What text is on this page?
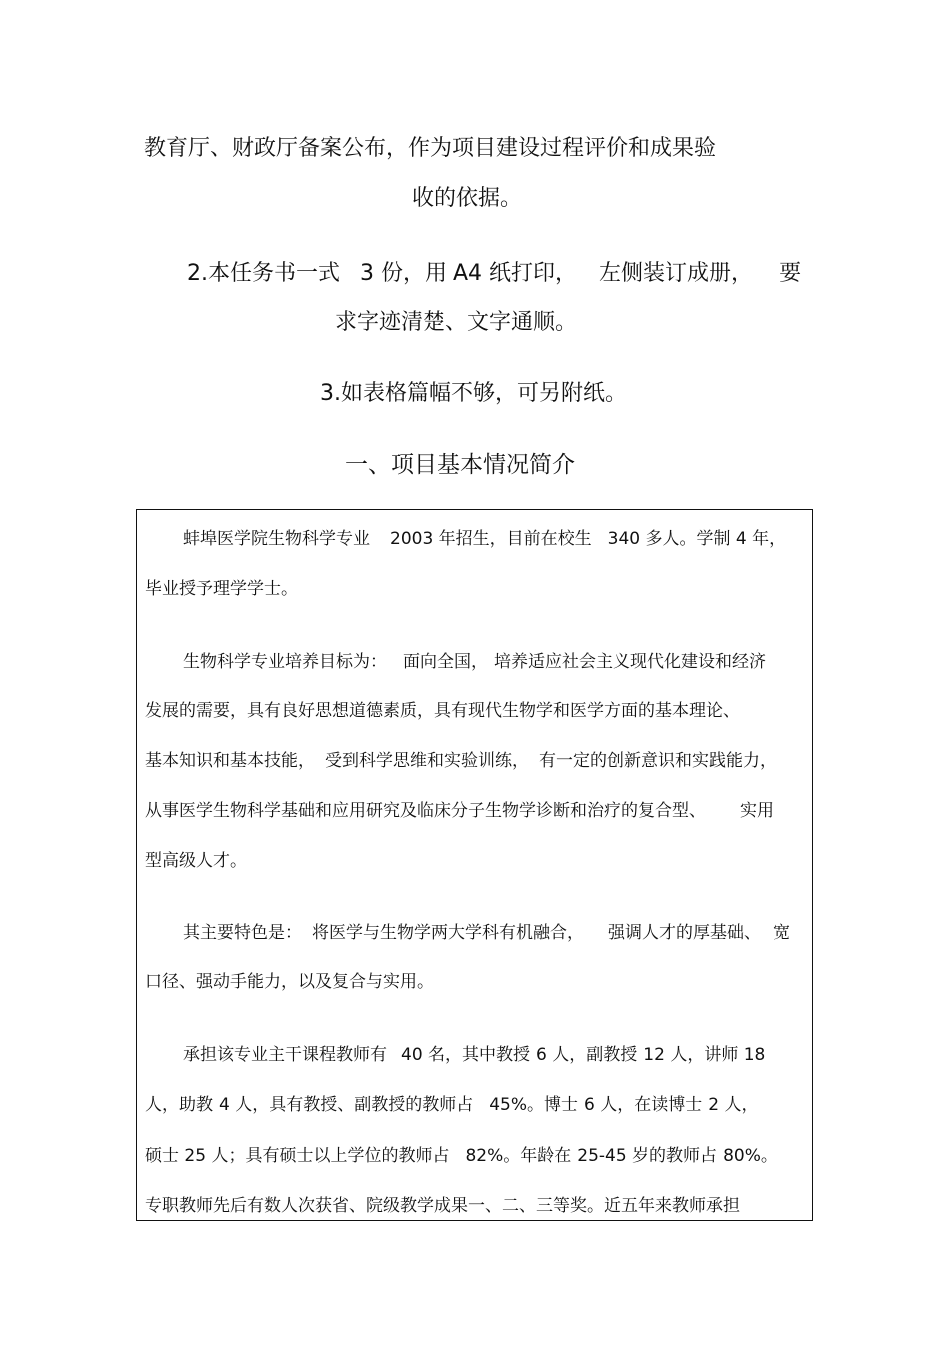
教育厅、财政厅备案公布，作为项目建设过程评价和成果验

收的依据。

2.本任务书一式 3 份，用 A4 纸打印， 左侧装订成册， 要

求字迹清楚、文字通顺。

3.如表格篇幅不够，可另附纸。

一、项目基本情况简介
蚌埠医学院生物科学专业 2003 年招生，目前在校生 340 多人。学制 4 年，
毕业授予理学学士。
生物科学专业培养目标为： 面向全国， 培养适应社会主义现代化建设和经济
发展的需要，具有良好思想道德素质，具有现代生物学和医学方面的基本理论、
基本知识和基本技能， 受到科学思维和实验训练， 有一定的创新意识和实践能力，
从事医学生物科学基础和应用研究及临床分子生物学诊断和治疗的复合型、 实用
型高级人才。
其主要特色是： 将医学与生物学两大学科有机融合， 强调人才的厚基础、 宽
口径、强动手能力，以及复合与实用。
承担该专业主干课程教师有 40 名，其中教授 6 人，副教授 12 人，讲师 18
人，助教 4 人，具有教授、副教授的教师占 45%。博士 6 人，在读博士 2 人，
硕士 25 人；具有硕士以上学位的教师占 82%。年龄在 25-45 岁的教师占 80%。
专职教师先后有数人次获省、院级教学成果一、二、三等奖。近五年来教师承担
